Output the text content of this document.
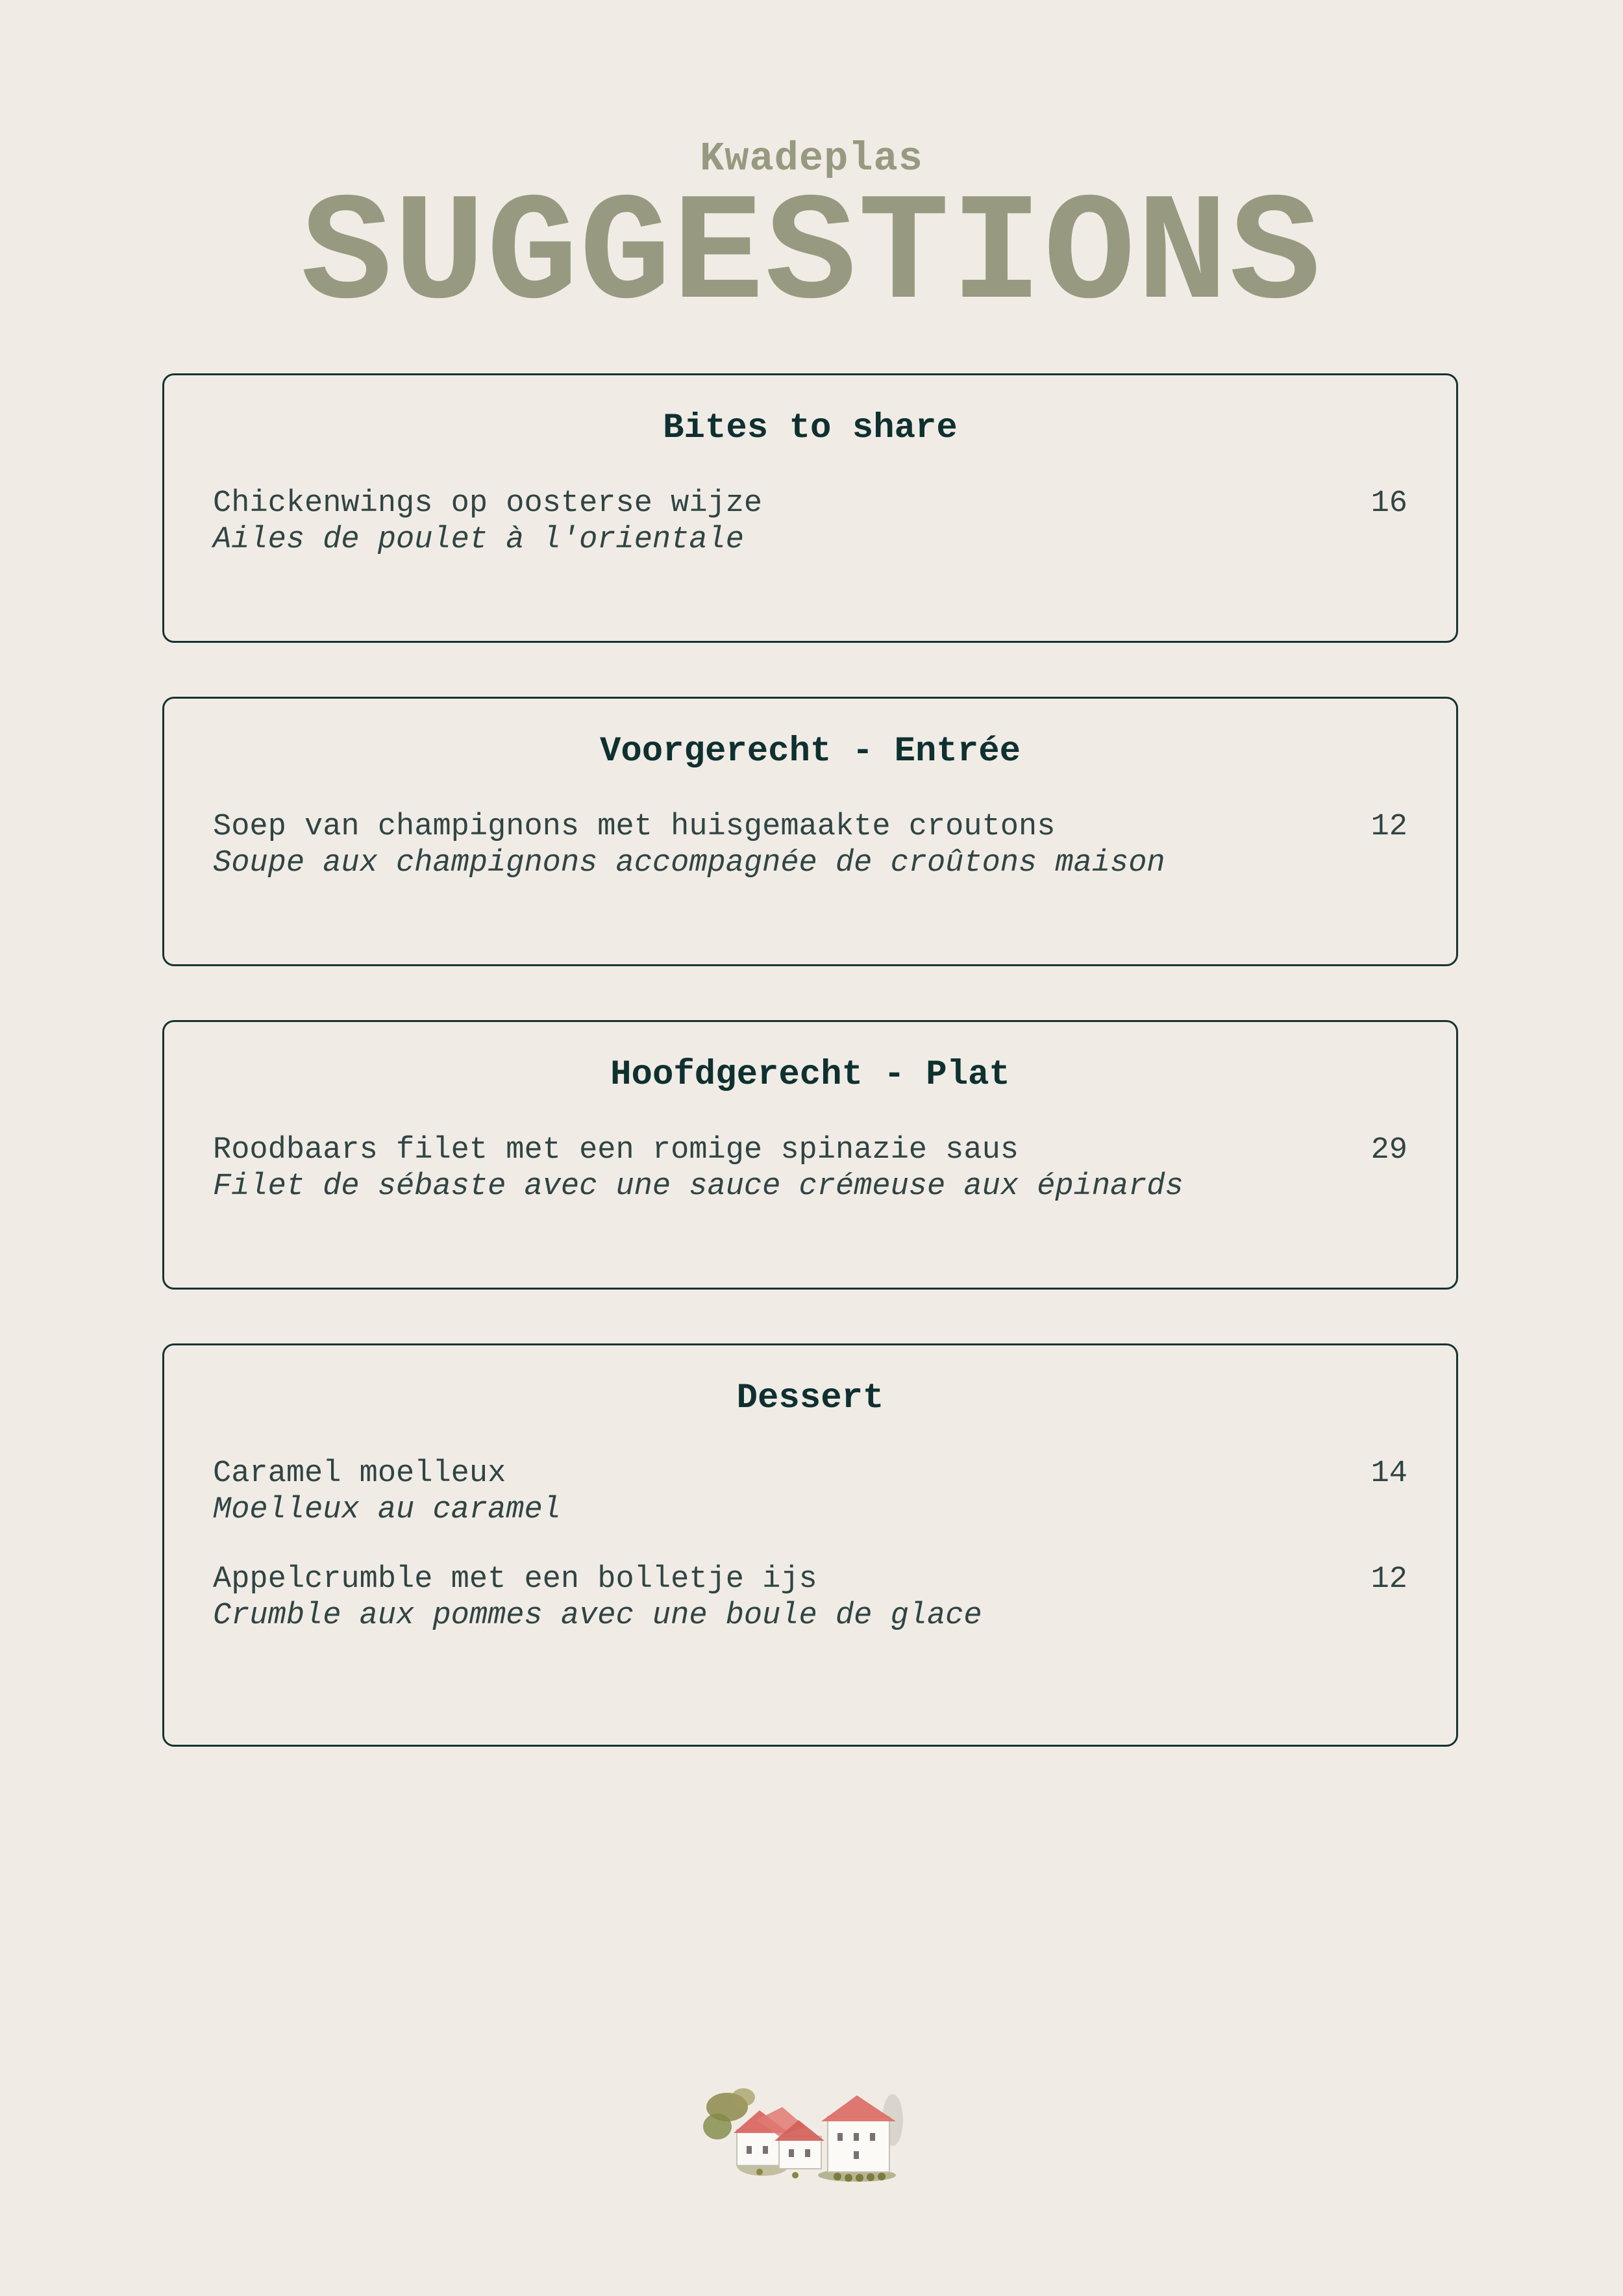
Kwadeplas
SUGGESTIONS
Bites to share
Chickenwings op oosterse wijze
Ailes de poulet à l'orientale
16
Voorgerecht - Entrée
Soep van champignons met huisgemaakte croutons
Soupe aux champignons accompagnée de croûtons maison
12
Hoofdgerecht - Plat
Roodbaars filet met een romige spinazie saus
Filet de sébaste avec une sauce crémeuse aux épinards
29
Dessert
Caramel moelleux
Moelleux au caramel
14
Appelcrumble met een bolletje ijs
Crumble aux pommes avec une boule de glace
12
